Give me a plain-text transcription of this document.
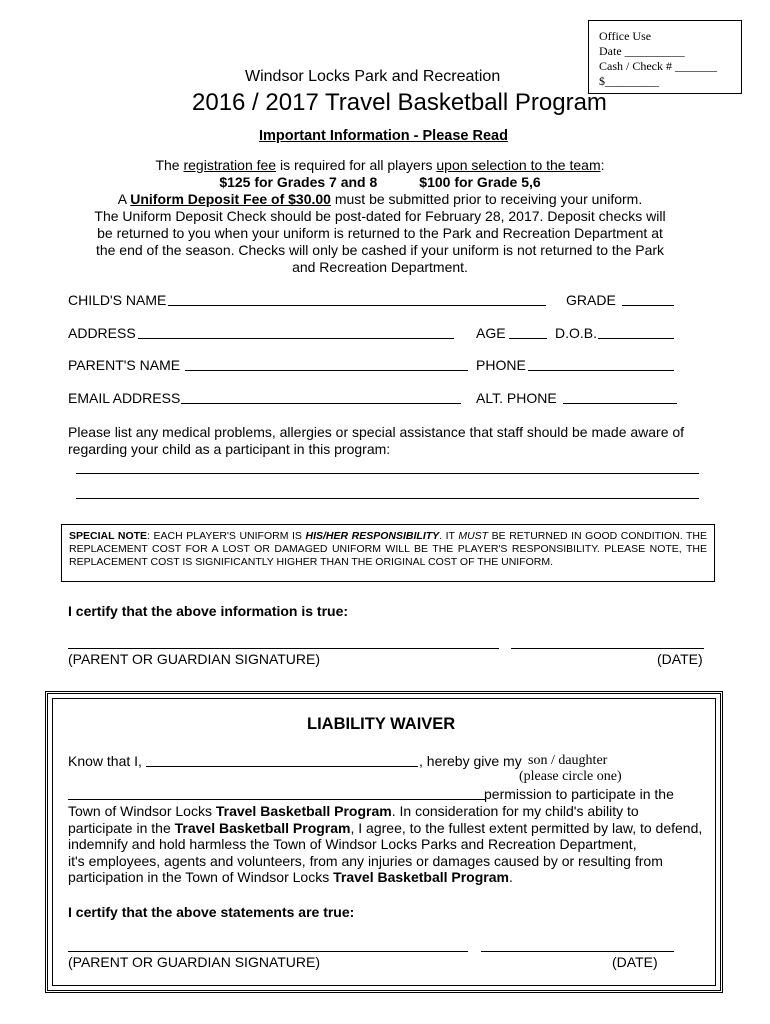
Office Use
Date __________
Cash / Check # _______
$_________
Windsor Locks Park and Recreation
2016 / 2017 Travel Basketball Program
Important Information - Please Read
The registration fee is required for all players upon selection to the team:
$125 for Grades 7 and 8	$100 for Grade 5,6
A Uniform Deposit Fee of $30.00 must be submitted prior to receiving your uniform.
The Uniform Deposit Check should be post-dated for February 28, 2017. Deposit checks will
be returned to you when your uniform is returned to the Park and Recreation Department at
the end of the season. Checks will only be cashed if your uniform is not returned to the Park
and Recreation Department.
CHILD'S NAME	GRADE
ADDRESS	AGE	D.O.B.
PARENT'S NAME	PHONE
EMAIL ADDRESS	ALT. PHONE
Please list any medical problems, allergies or special assistance that staff should be made aware of
regarding your child as a participant in this program:
SPECIAL NOTE: EACH PLAYER'S UNIFORM IS HIS/HER RESPONSIBILITY. IT MUST BE RETURNED IN GOOD CONDITION. THE REPLACEMENT COST FOR A LOST OR DAMAGED UNIFORM WILL BE THE PLAYER'S RESPONSIBILITY. PLEASE NOTE, THE REPLACEMENT COST IS SIGNIFICANTLY HIGHER THAN THE ORIGINAL COST OF THE UNIFORM.
I certify that the above information is true:
(PARENT OR GUARDIAN SIGNATURE)	(DATE)
LIABILITY WAIVER
Know that I,	, hereby give my son / daughter
(please circle one)
permission to participate in the
Town of Windsor Locks Travel Basketball Program. In consideration for my child's ability to
participate in the Travel Basketball Program, I agree, to the fullest extent permitted by law, to defend,
indemnify and hold harmless the Town of Windsor Locks Parks and Recreation Department,
it's employees, agents and volunteers, from any injuries or damages caused by or resulting from
participation in the Town of Windsor Locks Travel Basketball Program.
I certify that the above statements are true:
(PARENT OR GUARDIAN SIGNATURE)	(DATE)
